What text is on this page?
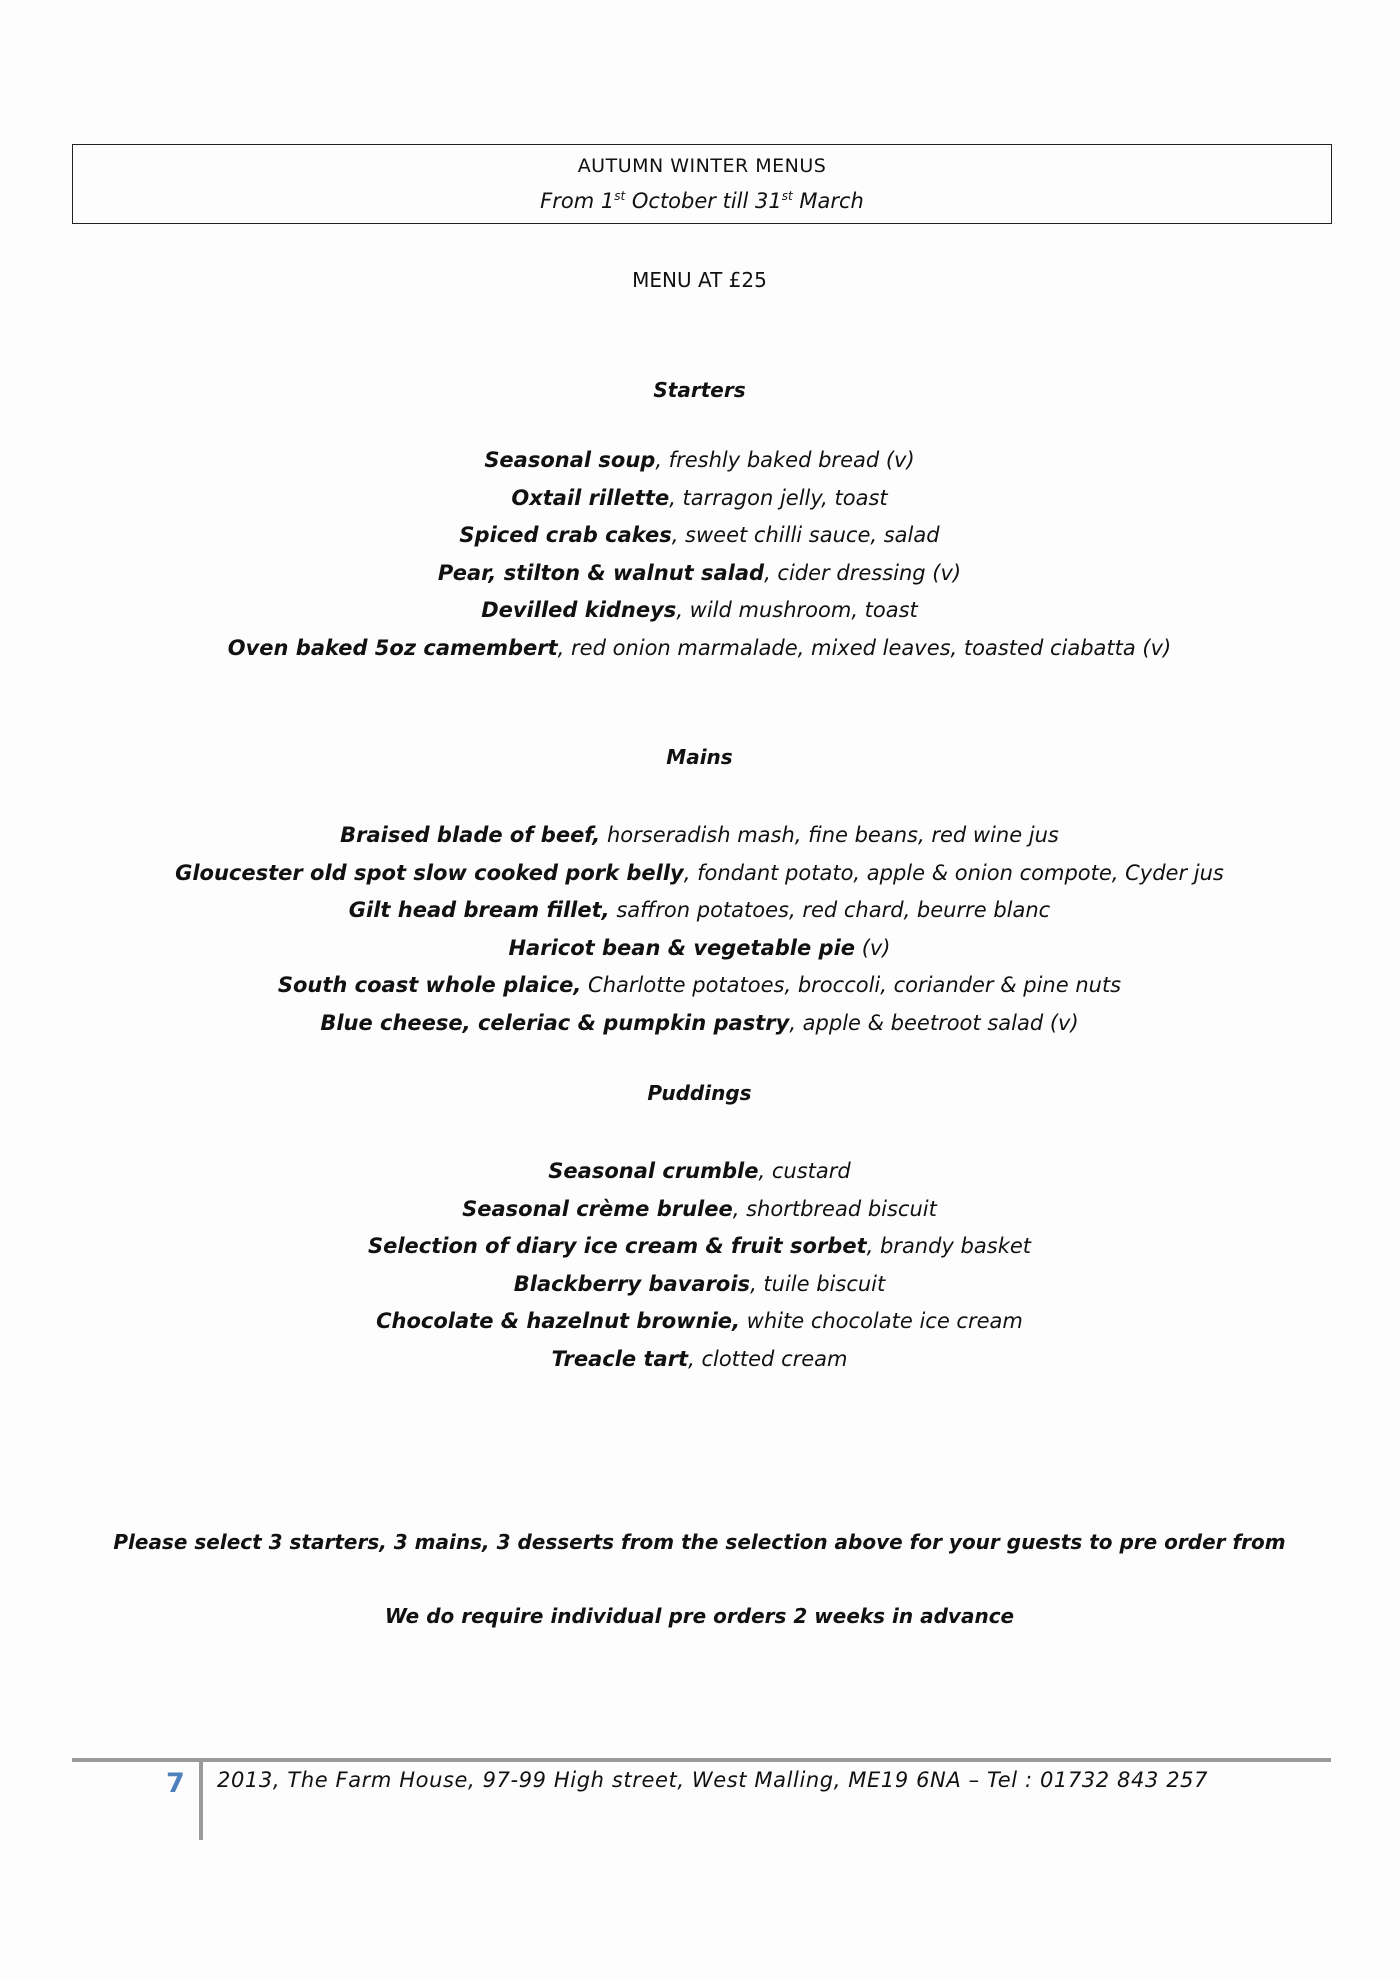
AUTUMN WINTER MENUS
From 1st October till 31st March
MENU AT £25
Starters
Seasonal soup, freshly baked bread (v)
Oxtail rillette, tarragon jelly, toast
Spiced crab cakes, sweet chilli sauce, salad
Pear, stilton & walnut salad, cider dressing (v)
Devilled kidneys, wild mushroom, toast
Oven baked 5oz camembert, red onion marmalade, mixed leaves, toasted ciabatta (v)
Mains
Braised blade of beef, horseradish mash, fine beans, red wine jus
Gloucester old spot slow cooked pork belly, fondant potato, apple & onion compote, Cyder jus
Gilt head bream fillet, saffron potatoes, red chard, beurre blanc
Haricot bean & vegetable pie (v)
South coast whole plaice, Charlotte potatoes, broccoli, coriander & pine nuts
Blue cheese, celeriac & pumpkin pastry, apple & beetroot salad (v)
Puddings
Seasonal crumble, custard
Seasonal crème brulee, shortbread biscuit
Selection of diary ice cream & fruit sorbet, brandy basket
Blackberry bavarois, tuile biscuit
Chocolate & hazelnut brownie, white chocolate ice cream
Treacle tart, clotted cream
Please select 3 starters, 3 mains, 3 desserts from the selection above for your guests to pre order from
We do require individual pre orders 2 weeks in advance
7 2013, The Farm House, 97-99 High street, West Malling, ME19 6NA – Tel : 01732 843 257
